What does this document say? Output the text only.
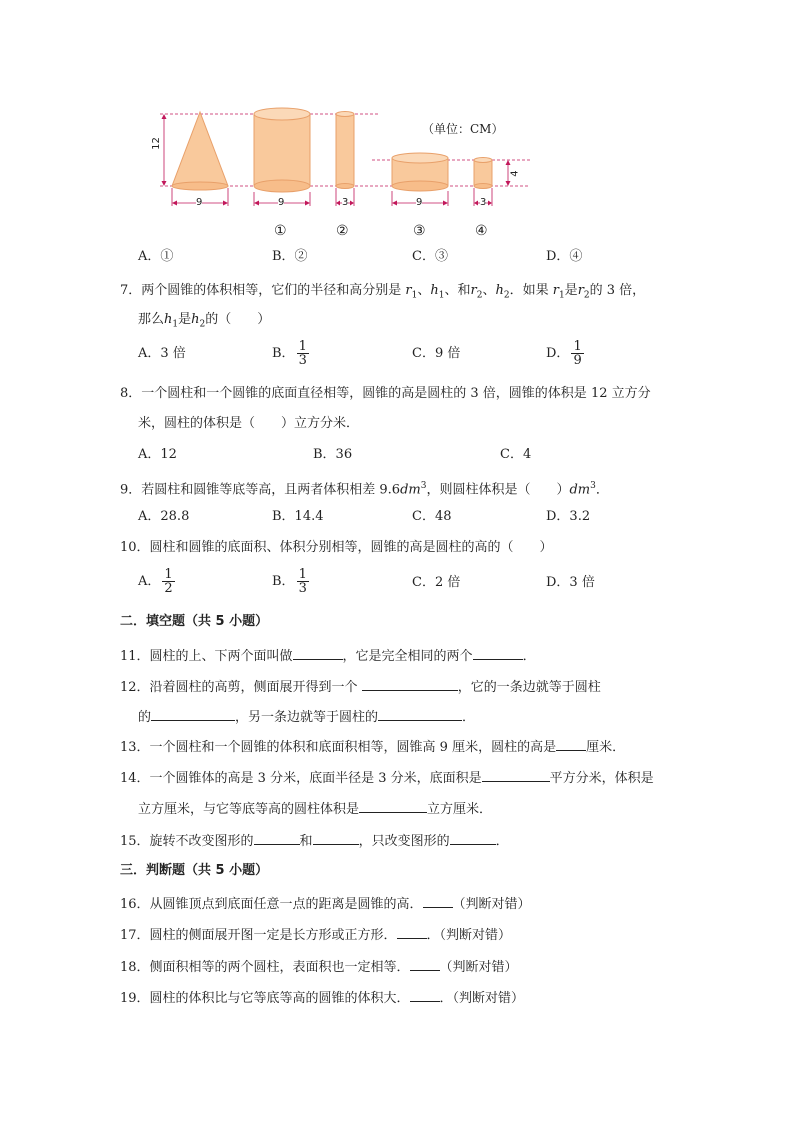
12
9	9	3	9	3
4
（单位：CM）
①	②	③	④
A．①	B．②	C．③	D．④
7．两个圆锥的体积相等，它们的半径和高分别是 $r_1$、$h_1$、和$r_2$、$h_2$．如果 $r_1$是$r_2$的 3 倍，
那么$h_1$是$h_2$的（　　）
A．3 倍	B． $\frac{1}{3}$	C．9 倍	D． $\frac{1}{9}$
8．一个圆柱和一个圆锥的底面直径相等，圆锥的高是圆柱的 3 倍，圆锥的体积是 12 立方分
米，圆柱的体积是（　　）立方分米．
A．12	B．36	C．4
9．若圆柱和圆锥等底等高，且两者体积相差 $9.6dm^3$，则圆柱体积是（　　）$dm^3$．
A．28.8	B．14.4	C．48	D．3.2
10．圆柱和圆锥的底面积、体积分别相等，圆锥的高是圆柱的高的（　　）
A． $\frac{1}{2}$	B． $\frac{1}{3}$	C．2 倍	D．3 倍
二．填空题（共 5 小题）
11．圆柱的上、下两个面叫做	，它是完全相同的两个	．
12．沿着圆柱的高剪，侧面展开得到一个	，它的一条边就等于圆柱
的	，另一条边就等于圆柱的	．
13．一个圆柱和一个圆锥的体积和底面积相等，圆锥高 9 厘米，圆柱的高是 厘米．
14．一个圆锥体的高是 3 分米，底面半径是 3 分米，底面积是	平方分米，体积是
立方厘米，与它等底等高的圆柱体积是	立方厘米．
15．旋转不改变图形的	和	，只改变图形的	．
三．判断题（共 5 小题）
16．从圆锥顶点到底面任意一点的距离是圆锥的高． （判断对错）
17．圆柱的侧面展开图一定是长方形或正方形． ．（判断对错）
18．侧面积相等的两个圆柱，表面积也一定相等． （判断对错）
19．圆柱的体积比与它等底等高的圆锥的体积大． ．（判断对错）
